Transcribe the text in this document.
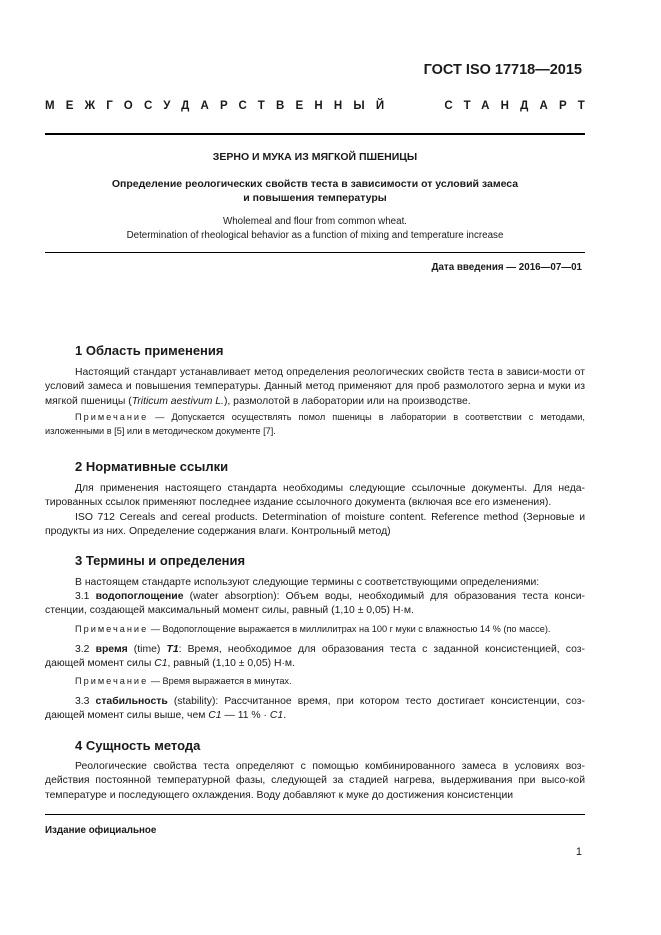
ГОСТ ISO 17718—2015
МЕЖГОСУДАРСТВЕННЫЙ	СТАНДАРТ
ЗЕРНО И МУКА ИЗ МЯГКОЙ ПШЕНИЦЫ
Определение реологических свойств теста в зависимости от условий замеса
и повышения температуры
Wholemeal and flour from common wheat.
Determination of rheological behavior as a function of mixing and temperature increase
Дата введения — 2016—07—01
1 Область применения

Настоящий стандарт устанавливает метод определения реологических свойств теста в зависи-мости от условий замеса и повышения температуры. Данный метод применяют для проб размолотого зерна и муки из мягкой пшеницы (Triticum aestivum L.), размолотой в лаборатории или на производстве.

Примечание — Допускается осуществлять помол пшеницы в лаборатории в соответствии с методами, изложенными в [5] или в методическом документе [7].

2 Нормативные ссылки

Для применения настоящего стандарта необходимы следующие ссылочные документы. Для неда-тированных ссылок применяют последнее издание ссылочного документа (включая все его изменения).

ISO 712 Cereals and cereal products. Determination of moisture content. Reference method (Зерновые и продукты из них. Определение содержания влаги. Контрольный метод)

3 Термины и определения

В настоящем стандарте используют следующие термины с соответствующими определениями:

3.1 водопоглощение (water absorption): Объем воды, необходимый для образования теста конси-стенции, создающей максимальный момент силы, равный (1,10 ± 0,05) Н·м.

Примечание — Водопоглощение выражается в миллилитрах на 100 г муки с влажностью 14 % (по массе).

3.2 время (time) T1: Время, необходимое для образования теста с заданной консистенцией, соз-дающей момент силы C1, равный (1,10 ± 0,05) Н·м.

Примечание — Время выражается в минутах.

3.3 стабильность (stability): Рассчитанное время, при котором тесто достигает консистенции, соз-дающей момент силы выше, чем C1 — 11 % · C1.

4 Сущность метода

Реологические свойства теста определяют с помощью комбинированного замеса в условиях воз-действия постоянной температурной фазы, следующей за стадией нагрева, выдерживания при высо-кой температуре и последующего охлаждения. Воду добавляют к муке до достижения консистенции

Издание официальное
1
